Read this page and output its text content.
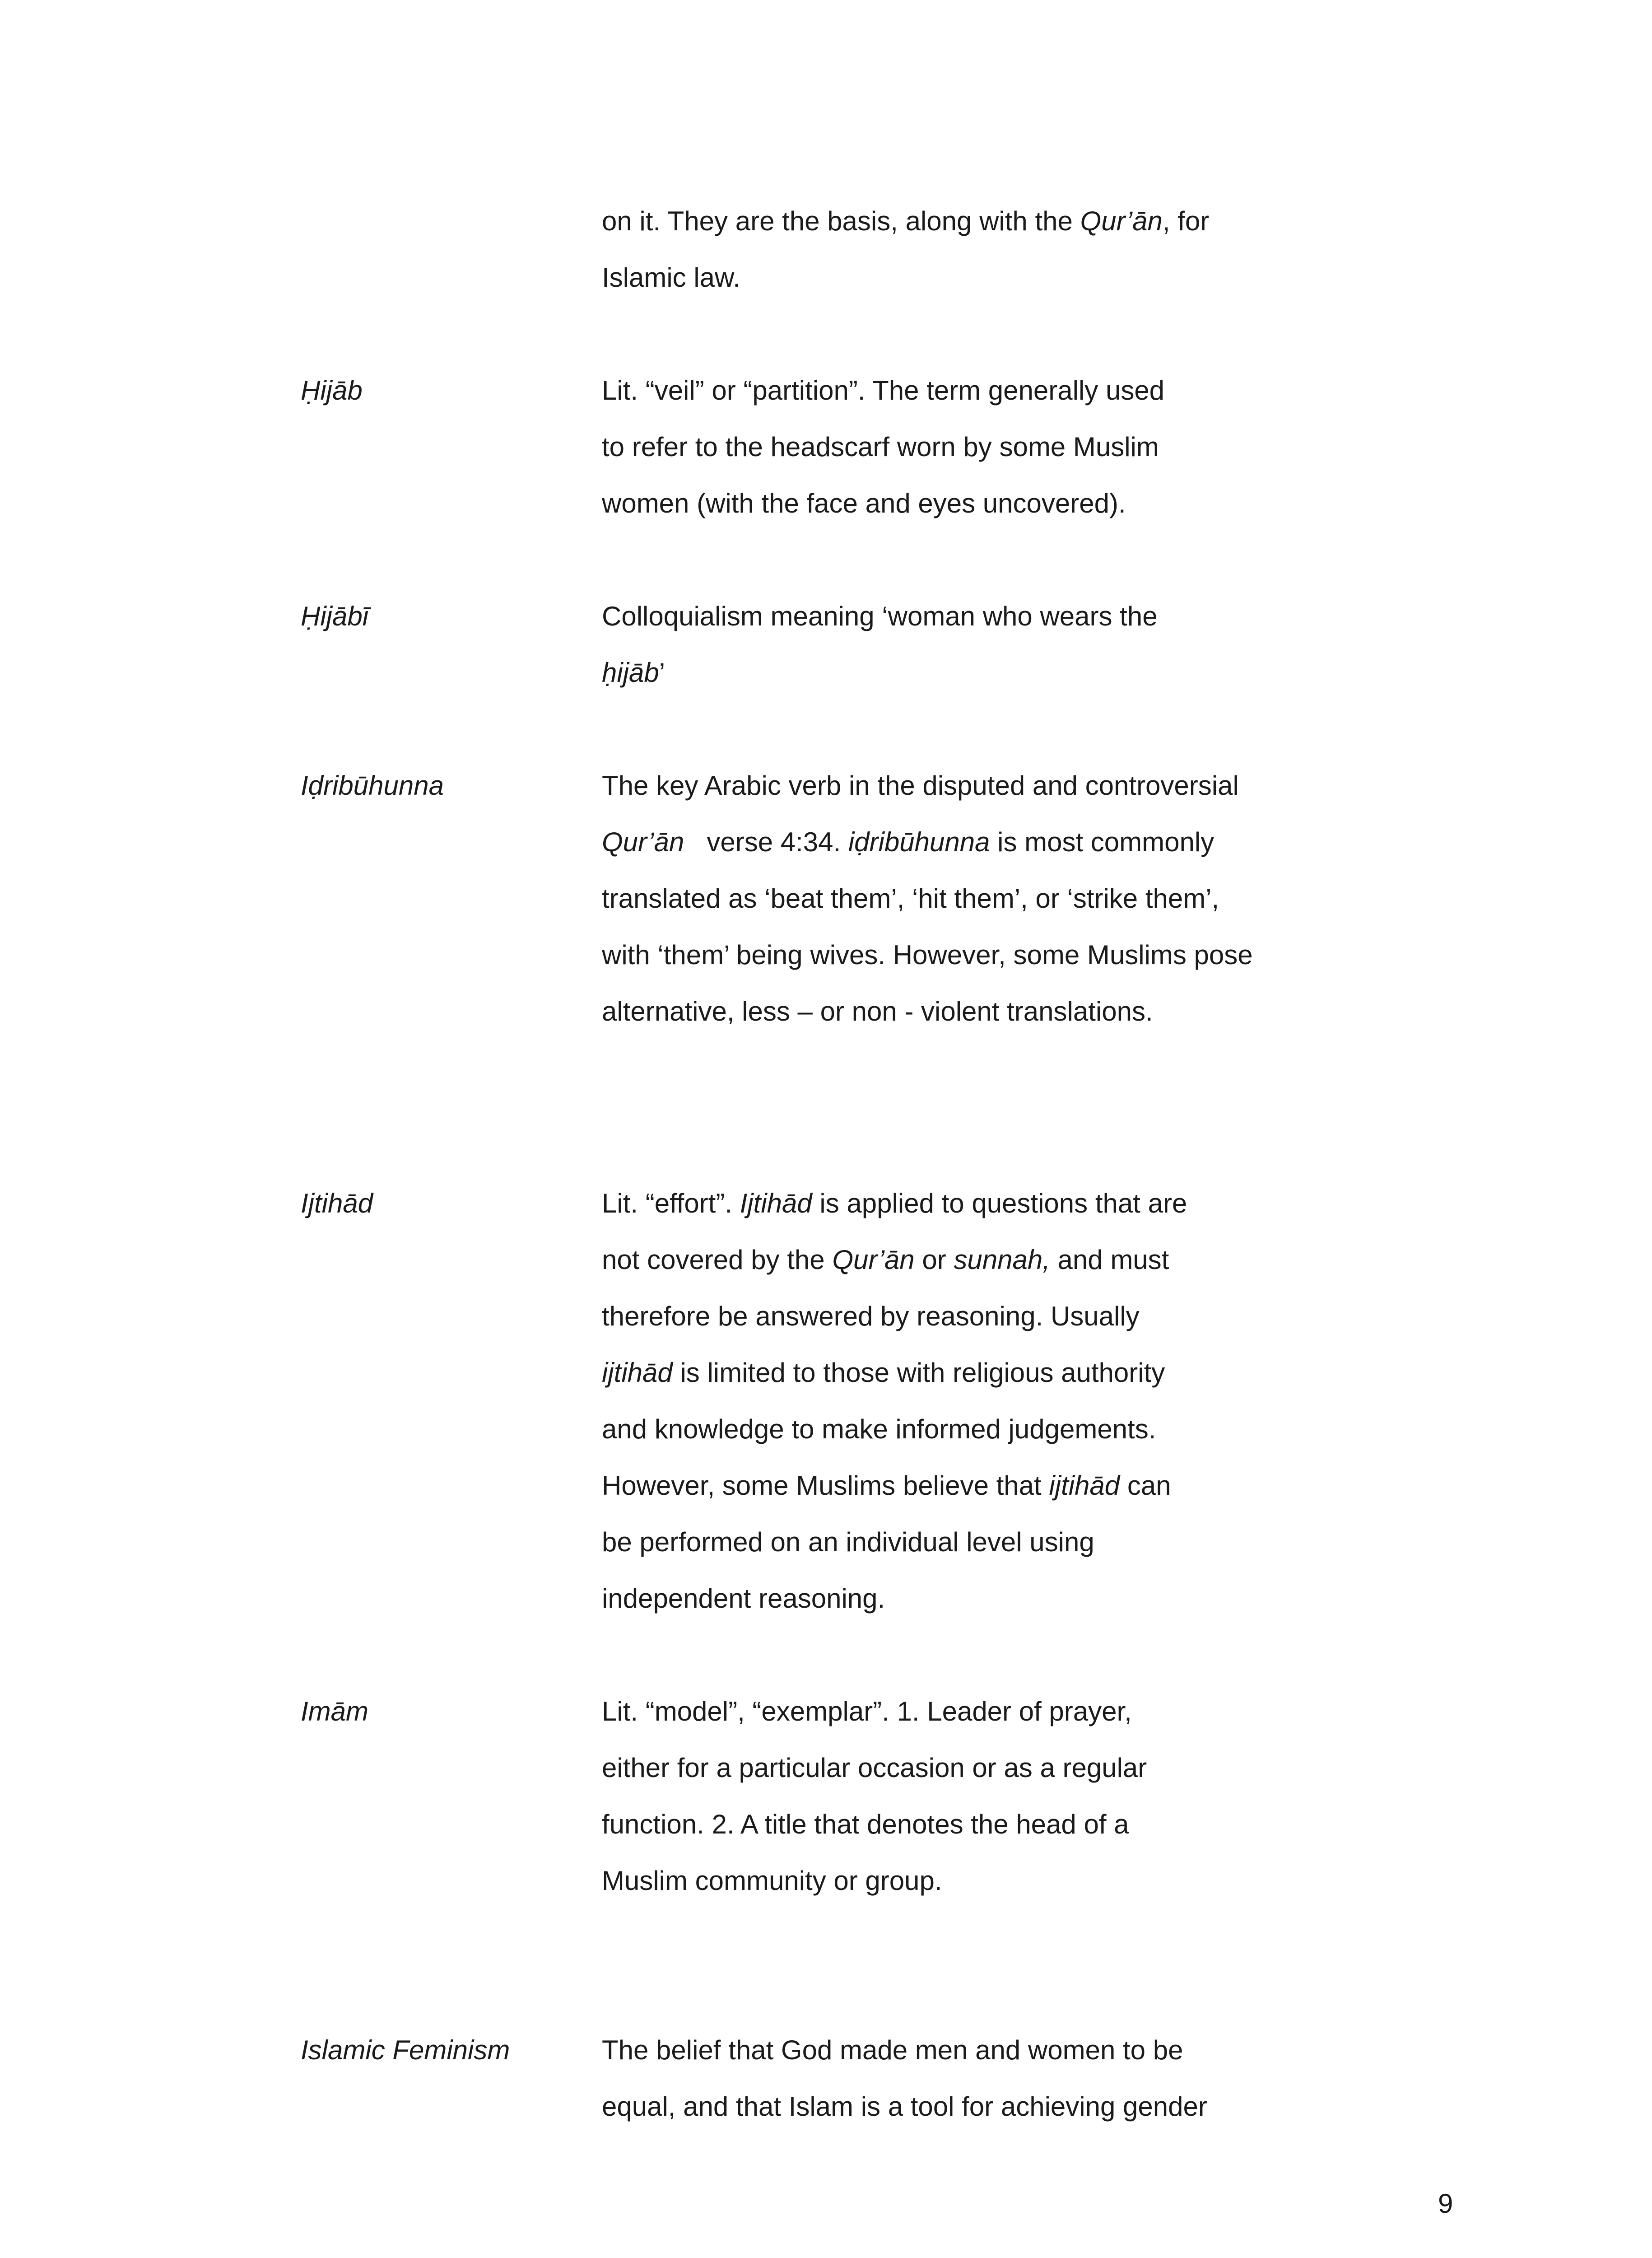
on it. They are the basis, along with the Qur’ān, for
Islamic law.
Ḥijāb	Lit. “veil” or “partition”. The term generally used
to refer to the headscarf worn by some Muslim
women (with the face and eyes uncovered).
Ḥijābī	Colloquialism meaning ‘woman who wears the
ḥijāb’
Iḍribūhunna	The key Arabic verb in the disputed and controversial
Qur’ān   verse 4:34. iḍribūhunna is most commonly
translated as ‘beat them’, ‘hit them’, or ‘strike them’,
with ‘them’ being wives. However, some Muslims pose
alternative, less – or non - violent translations.
Ijtihād	Lit. “effort”. Ijtihād is applied to questions that are
not covered by the Qur’ān or sunnah, and must
therefore be answered by reasoning. Usually
ijtihād is limited to those with religious authority
and knowledge to make informed judgements.
However, some Muslims believe that ijtihād can
be performed on an individual level using
independent reasoning.
Imām	Lit. “model”, “exemplar”. 1. Leader of prayer,
either for a particular occasion or as a regular
function. 2. A title that denotes the head of a
Muslim community or group.
Islamic Feminism	The belief that God made men and women to be
equal, and that Islam is a tool for achieving gender
9
